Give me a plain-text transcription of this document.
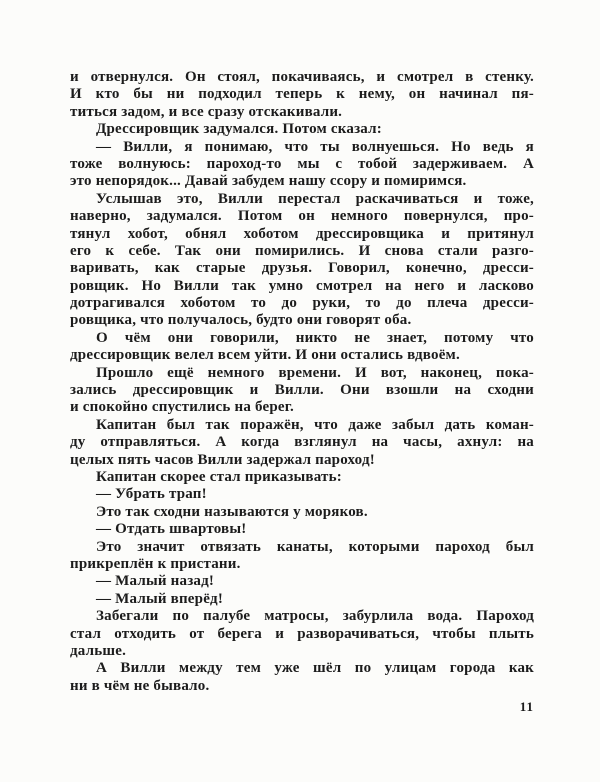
и отвернулся. Он стоял, покачиваясь, и смотрел в стенку.
И кто бы ни подходил теперь к нему, он начинал пя-
титься задом, и все сразу отскакивали.

Дрессировщик задумался. Потом сказал:

— Вилли, я понимаю, что ты волнуешься. Но ведь я
тоже волнуюсь: пароход-то мы с тобой задерживаем. А
это непорядок... Давай забудем нашу ссору и помиримся.

Услышав это, Вилли перестал раскачиваться и тоже,
наверно, задумался. Потом он немного повернулся, про-
тянул хобот, обнял хоботом дрессировщика и притянул
его к себе. Так они помирились. И снова стали разго-
варивать, как старые друзья. Говорил, конечно, дресси-
ровщик. Но Вилли так умно смотрел на него и ласково
дотрагивался хоботом то до руки, то до плеча дресси-
ровщика, что получалось, будто они говорят оба.

О чём они говорили, никто не знает, потому что
дрессировщик велел всем уйти. И они остались вдвоём.

Прошло ещё немного времени. И вот, наконец, пока-
зались дрессировщик и Вилли. Они взошли на сходни
и спокойно спустились на берег.

Капитан был так поражён, что даже забыл дать коман-
ду отправляться. А когда взглянул на часы, ахнул: на
целых пять часов Вилли задержал пароход!

Капитан скорее стал приказывать:

— Убрать трап!

Это так сходни называются у моряков.

— Отдать швартовы!

Это значит отвязать канаты, которыми пароход был
прикреплён к пристани.

— Малый назад!

— Малый вперёд!

Забегали по палубе матросы, забурлила вода. Пароход
стал отходить от берега и разворачиваться, чтобы плыть
дальше.

А Вилли между тем уже шёл по улицам города как
ни в чём не бывало.

11
